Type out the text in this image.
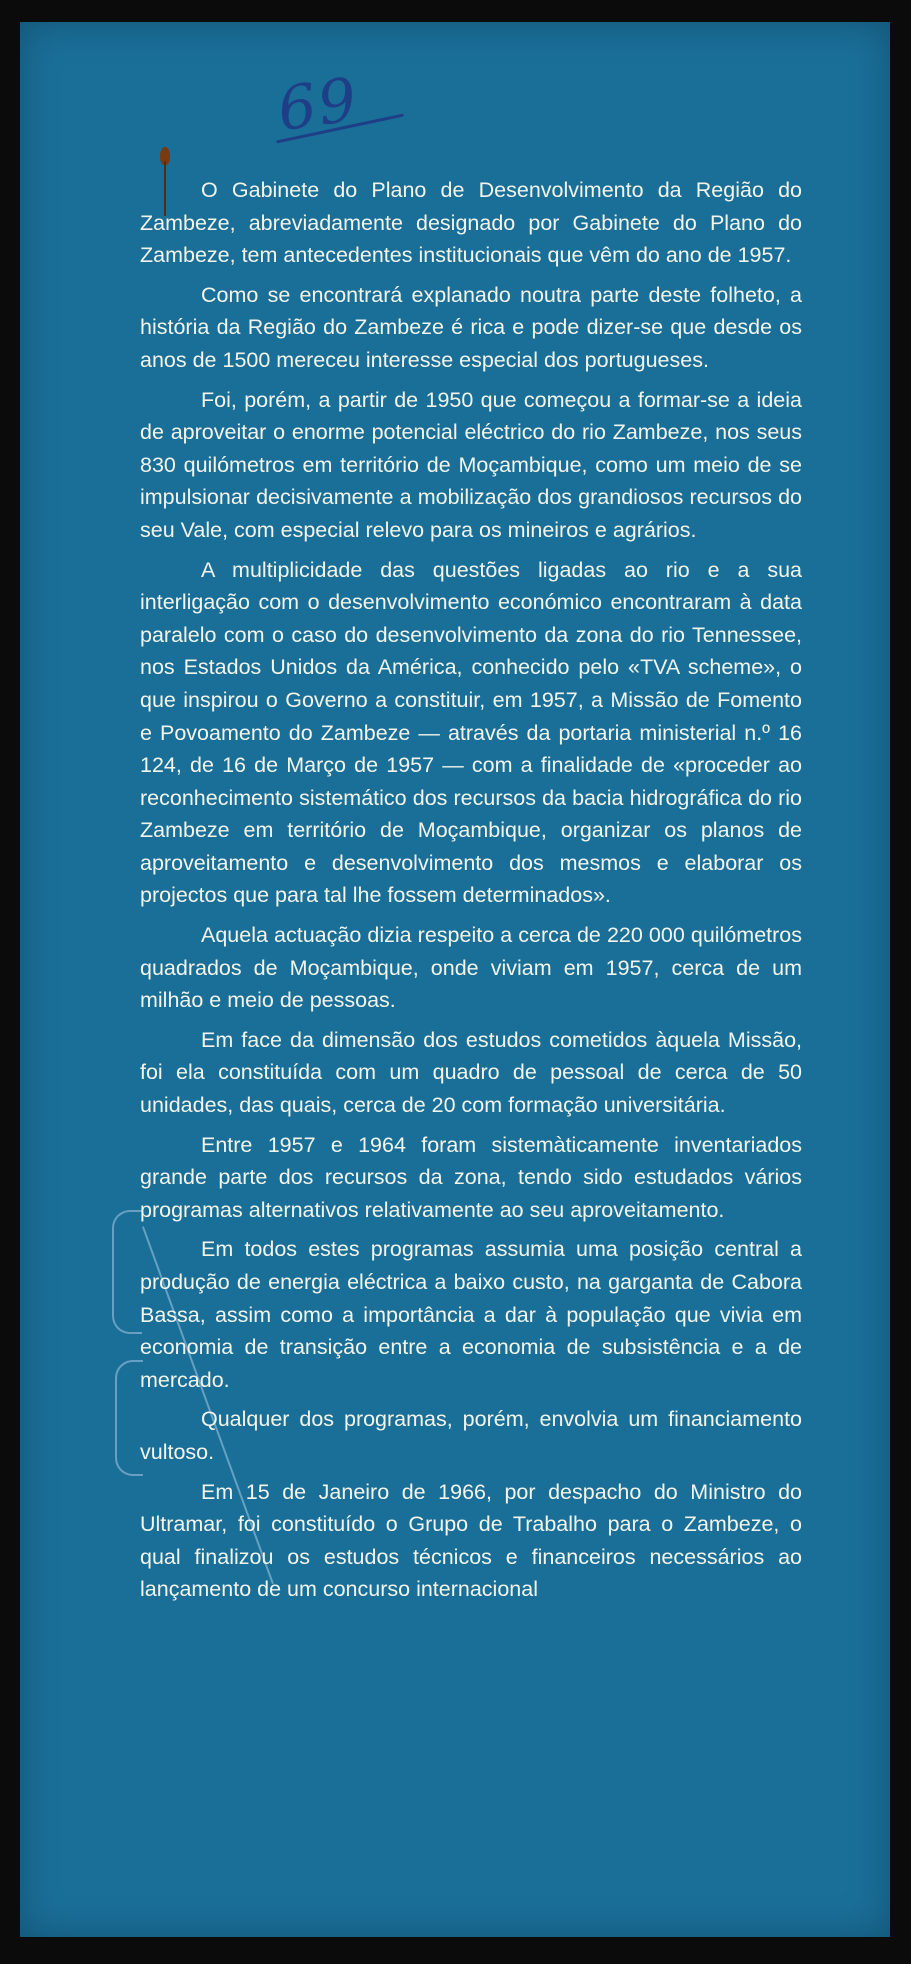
69

O Gabinete do Plano de Desenvolvimento da Região do Zambeze, abreviadamente designado por Gabinete do Plano do Zambeze, tem antecedentes institucionais que vêm do ano de 1957.

Como se encontrará explanado noutra parte deste folheto, a história da Região do Zambeze é rica e pode dizer-se que desde os anos de 1500 mereceu interesse especial dos portugueses.

Foi, porém, a partir de 1950 que começou a formar-se a ideia de aproveitar o enorme potencial eléctrico do rio Zambeze, nos seus 830 quilómetros em território de Moçambique, como um meio de se impulsionar decisivamente a mobilização dos grandiosos recursos do seu Vale, com especial relevo para os mineiros e agrários.

A multiplicidade das questões ligadas ao rio e a sua interligação com o desenvolvimento económico encontraram à data paralelo com o caso do desenvolvimento da zona do rio Tennessee, nos Estados Unidos da América, conhecido pelo «TVA scheme», o que inspirou o Governo a constituir, em 1957, a Missão de Fomento e Povoamento do Zambeze — através da portaria ministerial n.º 16 124, de 16 de Março de 1957 — com a finalidade de «proceder ao reconhecimento sistemático dos recursos da bacia hidrográfica do rio Zambeze em território de Moçambique, organizar os planos de aproveitamento e desenvolvimento dos mesmos e elaborar os projectos que para tal lhe fossem determinados».

Aquela actuação dizia respeito a cerca de 220 000 quilómetros quadrados de Moçambique, onde viviam em 1957, cerca de um milhão e meio de pessoas.

Em face da dimensão dos estudos cometidos àquela Missão, foi ela constituída com um quadro de pessoal de cerca de 50 unidades, das quais, cerca de 20 com formação universitária.

Entre 1957 e 1964 foram sistemàticamente inventariados grande parte dos recursos da zona, tendo sido estudados vários programas alternativos relativamente ao seu aproveitamento.

Em todos estes programas assumia uma posição central a produção de energia eléctrica a baixo custo, na garganta de Cabora Bassa, assim como a importância a dar à população que vivia em economia de transição entre a economia de subsistência e a de mercado.

Qualquer dos programas, porém, envolvia um financiamento vultoso.

Em 15 de Janeiro de 1966, por despacho do Ministro do Ultramar, foi constituído o Grupo de Trabalho para o Zambeze, o qual finalizou os estudos técnicos e financeiros necessários ao lançamento de um concurso internacional
